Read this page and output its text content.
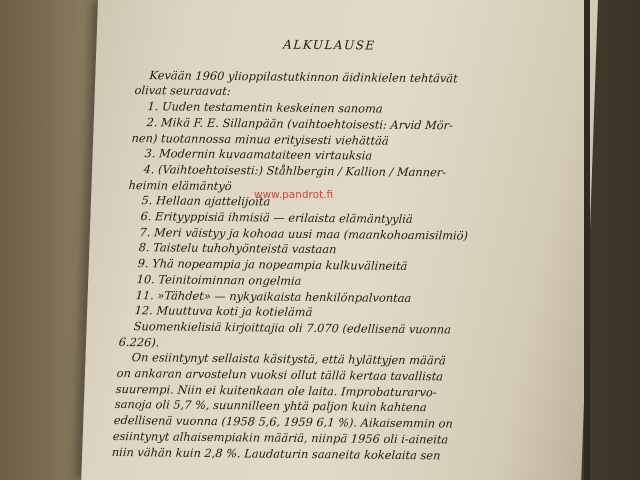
ALKULAUSE
Kevään 1960 ylioppilastutkinnon äidinkielen tehtävät
olivat seuraavat:
1. Uuden testamentin keskeinen sanoma
2. Mikä F. E. Sillanpään (vaihtoehtoisesti: Arvid Mör-
nen) tuotannossa minua erityisesti viehättää
3. Modernin kuvaamataiteen virtauksia
4. (Vaihtoehtoisesti:) Ståhlbergin / Kallion / Manner-
heimin elämäntyö
5. Hellaan ajattelijoita
6. Erityyppisiä ihmisiä — erilaista elämäntyyliä
7. Meri väistyy ja kohoaa uusi maa (maankohoamisilmiö)
8. Taistelu tuhohyönteistä vastaan
9. Yhä nopeampia ja nopeampia kulkuvälineitä
10. Teinitoiminnan ongelmia
11. »Tähdet» — nykyaikaista henkilönpalvontaa
12. Muuttuva koti ja kotielämä
Suomenkielisiä kirjoittajia oli 7.070 (edellisenä vuonna
6.226).
On esiintynyt sellaista käsitystä, että hylättyjen määrä
on ankaran arvostelun vuoksi ollut tällä kertaa tavallista
suurempi. Niin ei kuitenkaan ole laita. Improbaturarvo-
sanoja oli 5,7 %, suunnilleen yhtä paljon kuin kahtena
edellisenä vuonna (1958 5,6, 1959 6,1 %). Aikaisemmin on
esiintynyt alhaisempiakin määriä, niinpä 1956 oli i-aineita
niin vähän kuin 2,8 %. Laudaturin saaneita kokelaita sen
www.pandrot.fi
